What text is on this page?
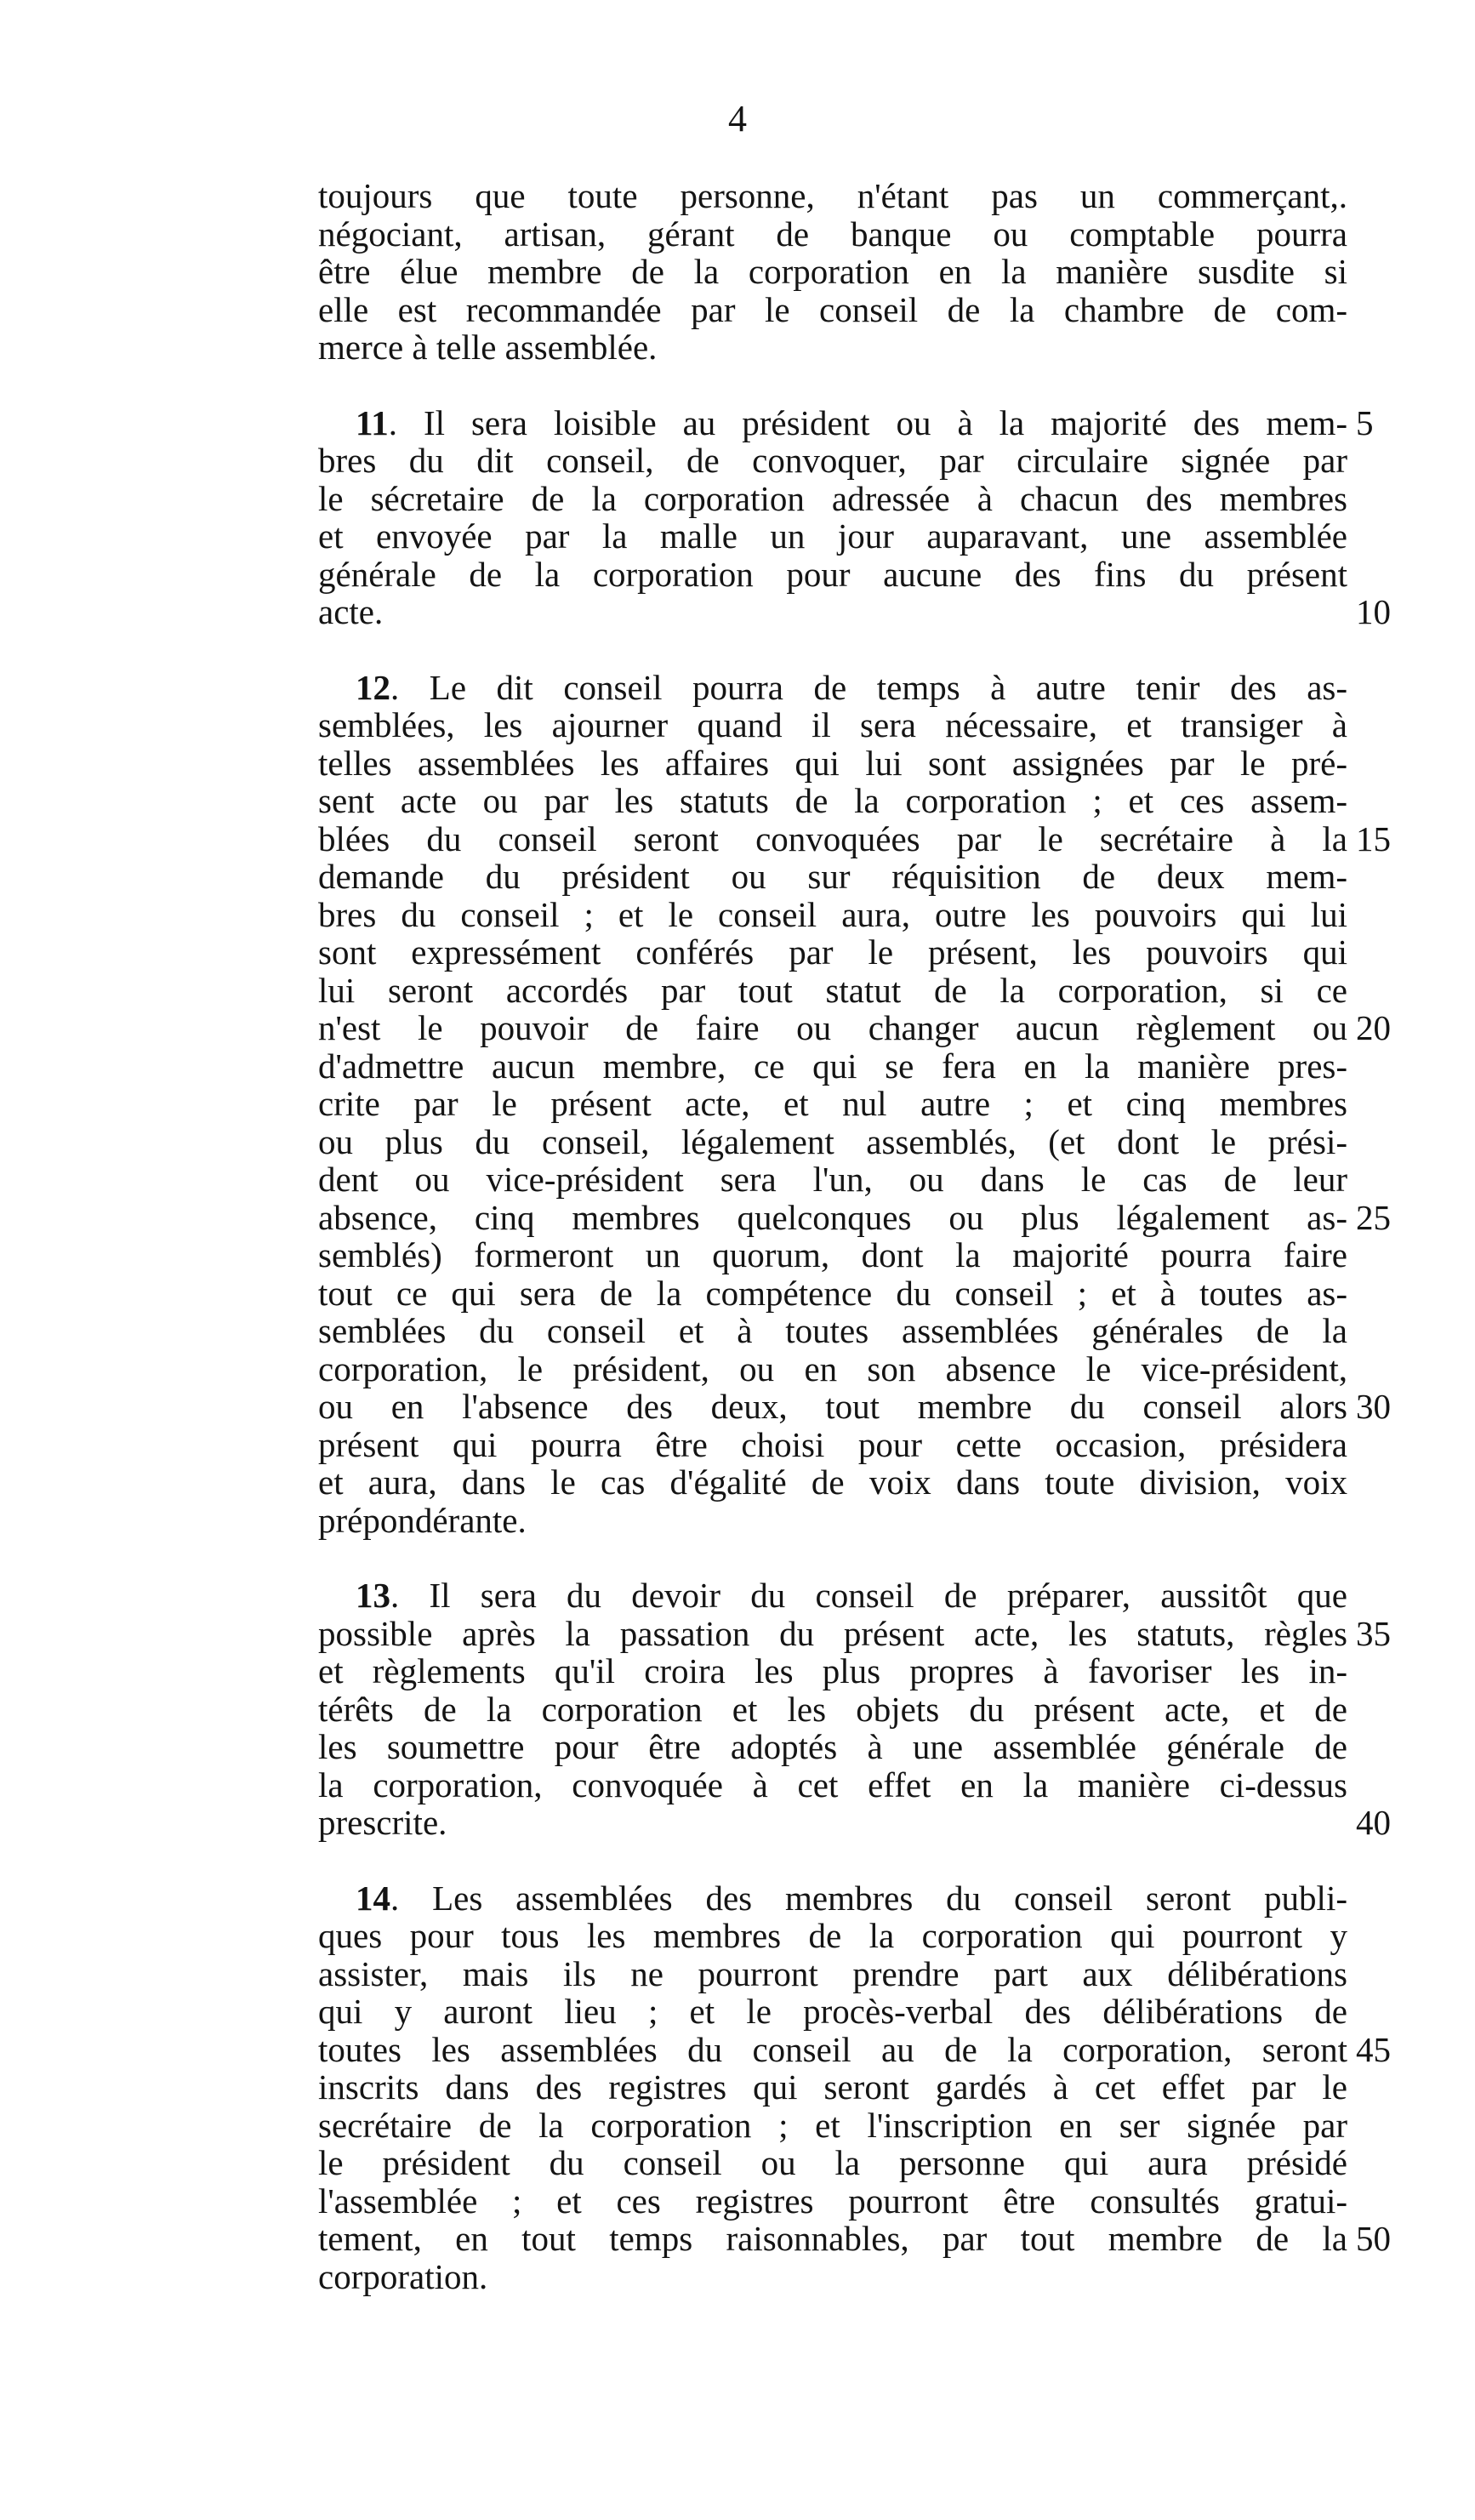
4
toujours que toute personne, n'étant pas un commerçant,.
négociant, artisan, gérant de banque ou comptable pourra
être élue membre de la corporation en la manière susdite si
elle est recommandée par le conseil de la chambre de com-
merce à telle assemblée.
11. Il sera loisible au président ou à la majorité des mem- 5
bres du dit conseil, de convoquer, par circulaire signée par
le sécretaire de la corporation adressée à chacun des membres
et envoyée par la malle un jour auparavant, une assemblée
générale de la corporation pour aucune des fins du présent
acte.	10
12. Le dit conseil pourra de temps à autre tenir des as-
semblées, les ajourner quand il sera nécessaire, et transiger à
telles assemblées les affaires qui lui sont assignées par le pré-
sent acte ou par les statuts de la corporation ; et ces assem-
blées du conseil seront convoquées par le secrétaire à la 15
demande du président ou sur réquisition de deux mem-
bres du conseil ; et le conseil aura, outre les pouvoirs qui lui
sont expressément conférés par le présent, les pouvoirs qui
lui seront accordés par tout statut de la corporation, si ce
n'est le pouvoir de faire ou changer aucun règlement ou 20
d'admettre aucun membre, ce qui se fera en la manière pres-
crite par le présent acte, et nul autre ; et cinq membres
ou plus du conseil, légalement assemblés, (et dont le prési-
dent ou vice-président sera l'un, ou dans le cas de leur
absence, cinq membres quelconques ou plus légalement as- 25
semblés) formeront un quorum, dont la majorité pourra faire
tout ce qui sera de la compétence du conseil ; et à toutes as-
semblées du conseil et à toutes assemblées générales de la
corporation, le président, ou en son absence le vice-président,
ou en l'absence des deux, tout membre du conseil alors 30
présent qui pourra être choisi pour cette occasion, présidera
et aura, dans le cas d'égalité de voix dans toute division, voix
prépondérante.
13. Il sera du devoir du conseil de préparer, aussitôt que
possible après la passation du présent acte, les statuts, règles 35
et règlements qu'il croira les plus propres à favoriser les in-
térêts de la corporation et les objets du présent acte, et de
les soumettre pour être adoptés à une assemblée générale de
la corporation, convoquée à cet effet en la manière ci-dessus
prescrite.	40
14. Les assemblées des membres du conseil seront publi-
ques pour tous les membres de la corporation qui pourront y
assister, mais ils ne pourront prendre part aux délibérations
qui y auront lieu ; et le procès-verbal des délibérations de
toutes les assemblées du conseil au de la corporation, seront 45
inscrits dans des registres qui seront gardés à cet effet par le
secrétaire de la corporation ; et l'inscription en ser signée par
le président du conseil ou la personne qui aura présidé
l'assemblée ; et ces registres pourront être consultés gratui-
tement, en tout temps raisonnables, par tout membre de la 50
corporation.
